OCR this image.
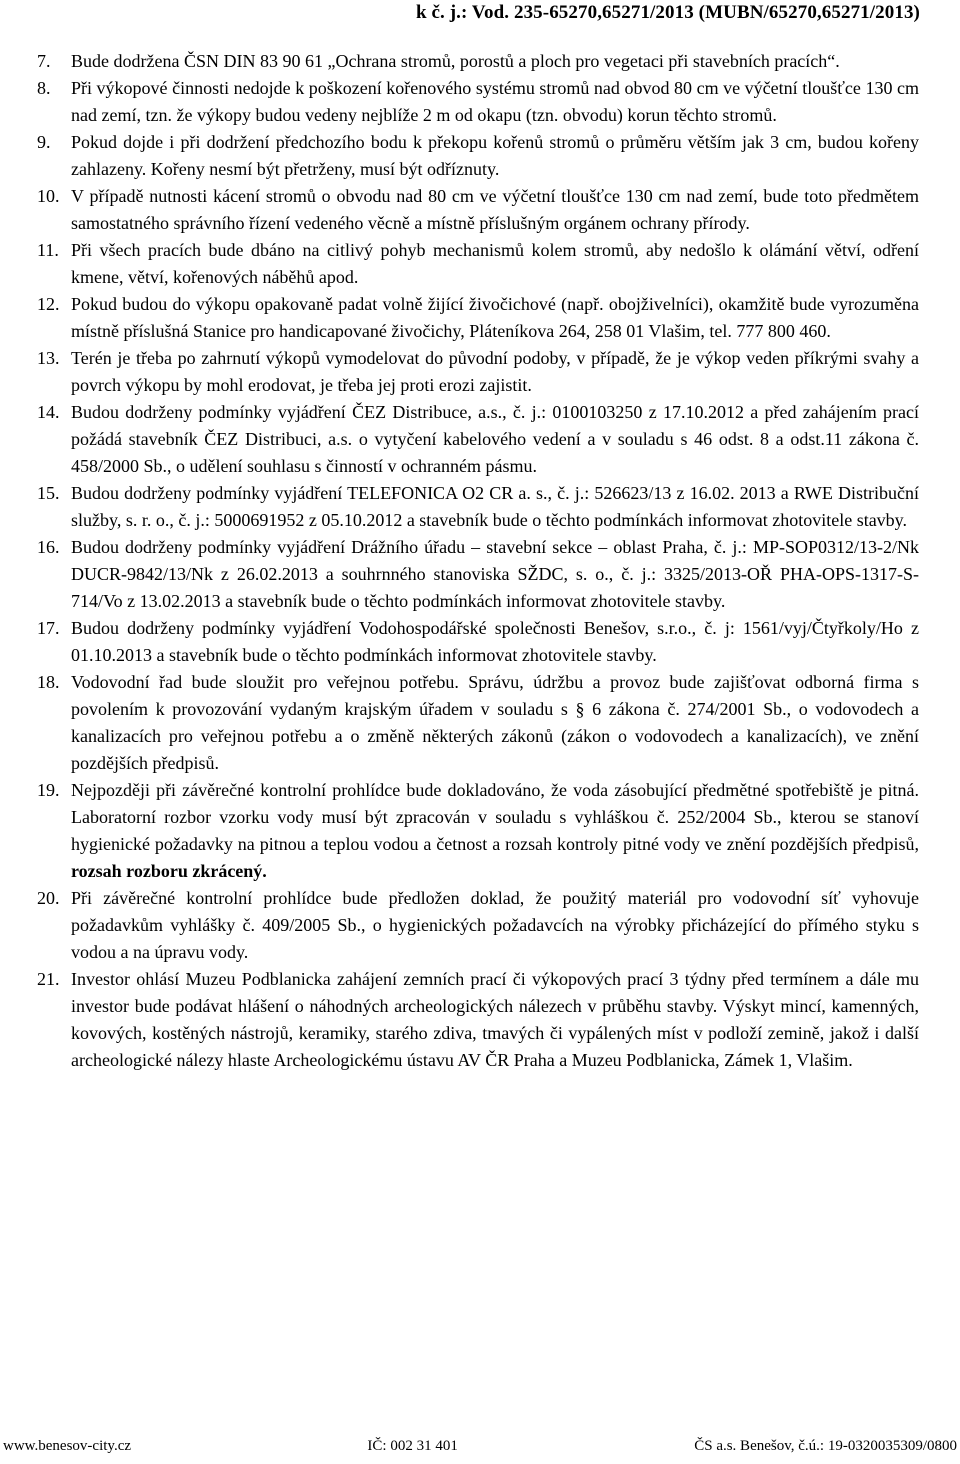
k č. j.: Vod. 235-65270,65271/2013 (MUBN/65270,65271/2013)
7.	Bude dodržena ČSN DIN 83 90 61 „Ochrana stromů, porostů a ploch pro vegetaci při stavebních pracích“.
8.	Při výkopové činnosti nedojde k poškození kořenového systému stromů nad obvod 80 cm ve výčetní tloušťce 130 cm nad zemí, tzn. že výkopy budou vedeny nejblíže 2 m od okapu (tzn. obvodu) korun těchto stromů.
9.	Pokud dojde i při dodržení předchozího bodu k překopu kořenů stromů o průměru větším jak 3 cm, budou kořeny zahlazeny. Kořeny nesmí být přetrženy, musí být odříznuty.
10. V případě nutnosti kácení stromů o obvodu nad 80 cm ve výčetní tloušťce 130 cm nad zemí, bude toto předmětem samostatného správního řízení vedeného věcně a místně příslušným orgánem ochrany přírody.
11. Při všech pracích bude dbáno na citlivý pohyb mechanismů kolem stromů, aby nedošlo k olámání větví, odření kmene, větví, kořenových náběhů apod.
12. Pokud budou do výkopu opakovaně padat volně žijící živočichové (např. obojživelníci), okamžitě bude vyrozuměna místně příslušná Stanice pro handicapované živočichy, Pláteníkova 264, 258 01 Vlašim, tel. 777 800 460.
13. Terén je třeba po zahrnutí výkopů vymodelovat do původní podoby, v případě, že je výkop veden příkrými svahy a povrch výkopu by mohl erodovat, je třeba jej proti erozi zajistit.
14. Budou dodrženy podmínky vyjádření ČEZ Distribuce, a.s., č. j.: 0100103250 z 17.10.2012 a před zahájením prací požádá stavebník ČEZ Distribuci, a.s. o vytyčení kabelového vedení a v souladu s 46 odst. 8 a odst.11 zákona č. 458/2000 Sb., o udělení souhlasu s činností v ochranném pásmu.
15. Budou dodrženy podmínky vyjádření TELEFONICA O2 CR a. s., č. j.: 526623/13 z 16.02. 2013 a RWE Distribuční služby, s. r. o., č. j.: 5000691952 z 05.10.2012 a stavebník bude o těchto podmínkách informovat zhotovitele stavby.
16. Budou dodrženy podmínky vyjádření Drážního úřadu – stavební sekce – oblast Praha, č. j.: MP-SOP0312/13-2/Nk DUCR-9842/13/Nk z 26.02.2013 a souhrnného stanoviska SŽDC, s. o., č. j.: 3325/2013-OŘ PHA-OPS-1317-S-714/Vo z 13.02.2013 a stavebník bude o těchto podmínkách informovat zhotovitele stavby.
17. Budou dodrženy podmínky vyjádření Vodohospodářské společnosti Benešov, s.r.o., č. j: 1561/vyj/Čtyřkoly/Ho z 01.10.2013 a stavebník bude o těchto podmínkách informovat zhotovitele stavby.
18. Vodovodní řad bude sloužit pro veřejnou potřebu. Správu, údržbu a provoz bude zajišťovat odborná firma s povolením k provozování vydaným krajským úřadem v souladu s § 6 zákona č. 274/2001 Sb., o vodovodech a kanalizacích pro veřejnou potřebu a o změně některých zákonů (zákon o vodovodech a kanalizacích), ve znění pozdějších předpisů.
19. Nejpozději při závěrečné kontrolní prohlídce bude dokladováno, že voda zásobující předmětné spotřebiště je pitná. Laboratorní rozbor vzorku vody musí být zpracován v souladu s vyhláškou č. 252/2004 Sb., kterou se stanoví hygienické požadavky na pitnou a teplou vodou a četnost a rozsah kontroly pitné vody ve znění pozdějších předpisů, rozsah rozboru zkrácený.
20. Při závěrečné kontrolní prohlídce bude předložen doklad, že použitý materiál pro vodovodní síť vyhovuje požadavkům vyhlášky č. 409/2005 Sb., o hygienických požadavcích na výrobky přicházející do přímého styku s vodou a na úpravu vody.
21. Investor ohlásí Muzeu Podblanicka zahájení zemních prací či výkopových prací 3 týdny před termínem a dále mu investor bude podávat hlášení o náhodných archeologických nálezech v průběhu stavby. Výskyt mincí, kamenných, kovových, kostěných nástrojů, keramiky, starého zdiva, tmavých či vypálených míst v podloží zemině, jakož i další archeologické nálezy hlaste Archeologickému ústavu AV ČR Praha a Muzeu Podblanicka, Zámek 1, Vlašim.
www.benesov-city.cz	IČ: 002 31 401	ČS a.s. Benešov, č.ú.: 19-0320035309/0800
